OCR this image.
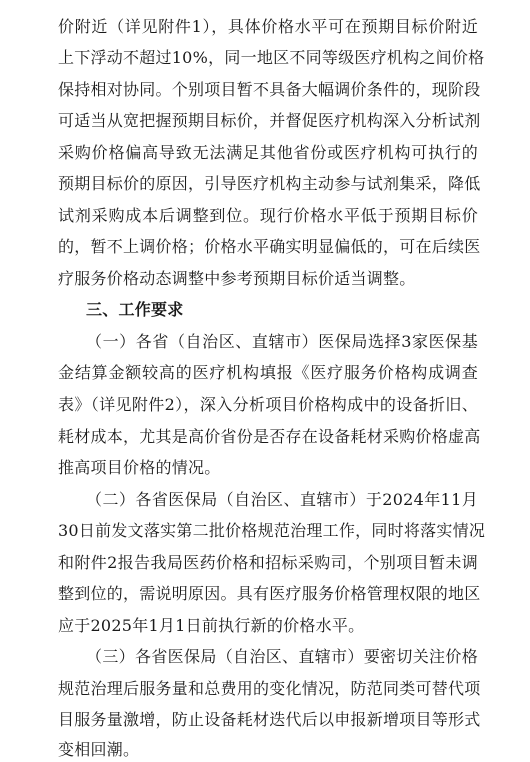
价附近（详见附件1），具体价格水平可在预期目标价附近
上下浮动不超过10%，同一地区不同等级医疗机构之间价格
保持相对协同。个别项目暂不具备大幅调价条件的，现阶段
可适当从宽把握预期目标价，并督促医疗机构深入分析试剂
采购价格偏高导致无法满足其他省份或医疗机构可执行的
预期目标价的原因，引导医疗机构主动参与试剂集采，降低
试剂采购成本后调整到位。现行价格水平低于预期目标价
的，暂不上调价格；价格水平确实明显偏低的，可在后续医
疗服务价格动态调整中参考预期目标价适当调整。
三、工作要求
（一）各省（自治区、直辖市）医保局选择3家医保基
金结算金额较高的医疗机构填报《医疗服务价格构成调查
表》（详见附件2），深入分析项目价格构成中的设备折旧、
耗材成本，尤其是高价省份是否存在设备耗材采购价格虚高
推高项目价格的情况。
（二）各省医保局（自治区、直辖市）于2024年11月
30日前发文落实第二批价格规范治理工作，同时将落实情况
和附件2报告我局医药价格和招标采购司，个别项目暂未调
整到位的，需说明原因。具有医疗服务价格管理权限的地区
应于2025年1月1日前执行新的价格水平。
（三）各省医保局（自治区、直辖市）要密切关注价格
规范治理后服务量和总费用的变化情况，防范同类可替代项
目服务量激增，防止设备耗材迭代后以申报新增项目等形式
变相回潮。
